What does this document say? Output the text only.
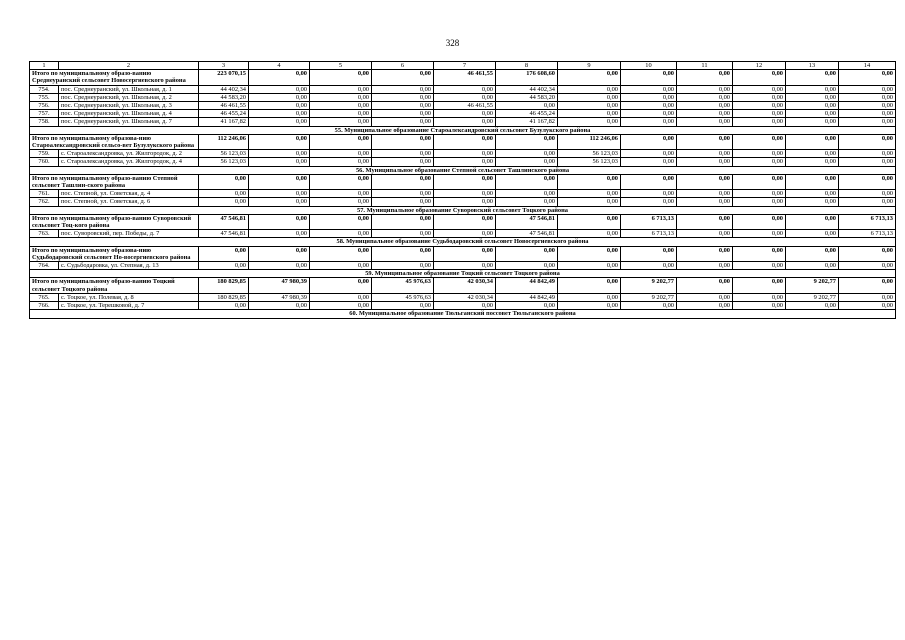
328
1	2	3	4	5	6	7	8	9	10	11	12	13	14
Итого по муниципальному образо-ванию Среднеуранский сельсовет Новосергиевского района		223 070,15	0,00	0,00	0,00	46 461,55	176 608,60	0,00	0,00	0,00	0,00	0,00	0,00
754.	пос. Среднеуранский, ул. Школьная, д. 1	44 402,34	0,00	0,00	0,00	0,00	44 402,34	0,00	0,00	0,00	0,00	0,00	0,00
755.	пос. Среднеуранский, ул. Школьная, д. 2	44 583,20	0,00	0,00	0,00	0,00	44 583,20	0,00	0,00	0,00	0,00	0,00	0,00
756.	пос. Среднеуранский, ул. Школьная, д. 3	46 461,55	0,00	0,00	0,00	46 461,55	0,00	0,00	0,00	0,00	0,00	0,00	0,00
757.	пос. Среднеуранский, ул. Школьная, д. 4	46 455,24	0,00	0,00	0,00	0,00	46 455,24	0,00	0,00	0,00	0,00	0,00	0,00
758.	пос. Среднеуранский, ул. Школьная, д. 7	41 167,82	0,00	0,00	0,00	0,00	41 167,82	0,00	0,00	0,00	0,00	0,00	0,00
55. Муниципальное образование Староалександровский сельсовет Бузулукского района													
Итого по муниципальному образова-нию Староалександровский сельсо-вет Бузулукского района		112 246,06	0,00	0,00	0,00	0,00	0,00	112 246,06	0,00	0,00	0,00	0,00	0,00
759.	с. Староалександровка, ул. Жилгородок, д. 2	56 123,03	0,00	0,00	0,00	0,00	0,00	56 123,03	0,00	0,00	0,00	0,00	0,00
760.	с. Староалександровка, ул. Жилгородок, д. 4	56 123,03	0,00	0,00	0,00	0,00	0,00	56 123,03	0,00	0,00	0,00	0,00	0,00
56. Муниципальное образование Степной сельсовет Ташлинского района													
Итого по муниципальному образо-ванию Степной сельсовет Ташлин-ского района		0,00	0,00	0,00	0,00	0,00	0,00	0,00	0,00	0,00	0,00	0,00	0,00
761.	пос. Степной, ул. Советская, д. 4	0,00	0,00	0,00	0,00	0,00	0,00	0,00	0,00	0,00	0,00	0,00	0,00
762.	пос. Степной, ул. Советская, д. 6	0,00	0,00	0,00	0,00	0,00	0,00	0,00	0,00	0,00	0,00	0,00	0,00
57. Муниципальное образование Суворовский сельсовет Тоцкого района													
Итого по муниципальному образо-ванию Суворовский сельсовет Тоц-кого района		47 546,81	0,00	0,00	0,00	0,00	47 546,81	0,00	6 713,13	0,00	0,00	0,00	6 713,13
763.	пос. Суворовский, пер. Победы, д. 7	47 546,81	0,00	0,00	0,00	0,00	47 546,81	0,00	6 713,13	0,00	0,00	0,00	6 713,13
58. Муниципальное образование Судьбодаровский сельсовет Новосергиевского района													
Итого по муниципальному образова-нию Судьбодаровский сельсовет Но-восергиевского района		0,00	0,00	0,00	0,00	0,00	0,00	0,00	0,00	0,00	0,00	0,00	0,00
764.	с. Судьбодаровка, ул. Степная, д. 13	0,00	0,00	0,00	0,00	0,00	0,00	0,00	0,00	0,00	0,00	0,00	0,00
59. Муниципальное образование Тоцкий сельсовет Тоцкого района													
Итого по муниципальному образо-ванию Тоцкий сельсовет Тоцкого района		180 829,85	47 980,39	0,00	45 976,63	42 030,34	44 842,49	0,00	9 202,77	0,00	0,00	9 202,77	0,00
765.	с. Тоцкое, ул. Полевая, д. 8	180 829,85	47 980,39	0,00	45 976,63	42 030,34	44 842,49	0,00	9 202,77	0,00	0,00	9 202,77	0,00
766.	с. Тоцкое, ул. Терешковой, д. 7	0,00	0,00	0,00	0,00	0,00	0,00	0,00	0,00	0,00	0,00	0,00	0,00
60. Муниципальное образование Тюльганский поссовет Тюльганского района													
